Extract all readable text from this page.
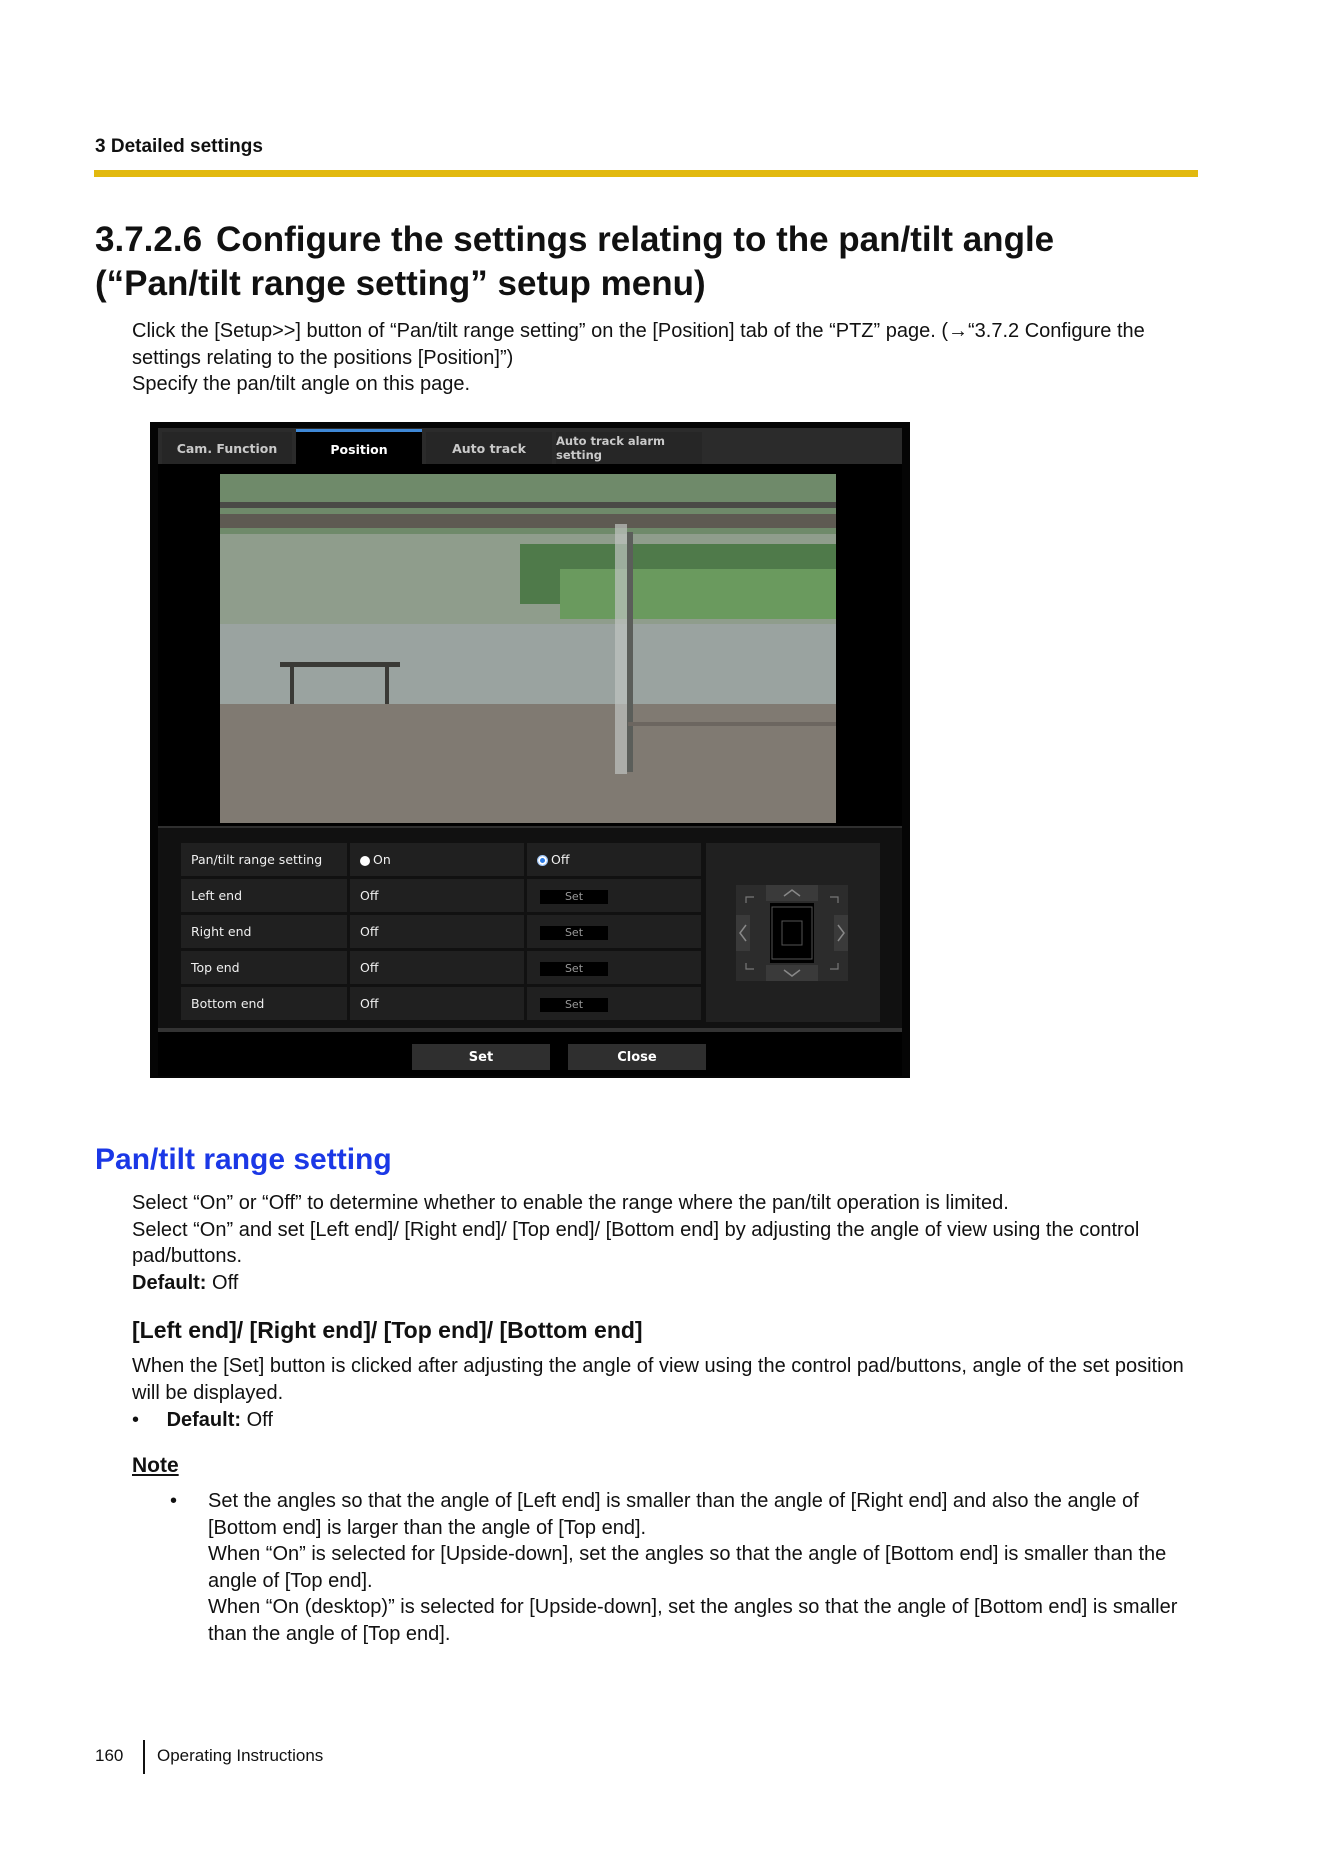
3 Detailed settings
3.7.2.6 Configure the settings relating to the pan/tilt angle (“Pan/tilt range setting” setup menu)

Click the [Setup>>] button of “Pan/tilt range setting” on the [Position] tab of the “PTZ” page. (→“3.7.2 Configure the settings relating to the positions [Position]”)

Specify the pan/tilt angle on this page.

Cam. Function	Position	Auto track	Auto track alarm setting
Pan/tilt range setting	On	Off
Left end	Off	Set
Right end	Off	Set
Top end	Off	Set
Bottom end	Off	Set
Set	Close
Pan/tilt range setting

Select “On” or “Off” to determine whether to enable the range where the pan/tilt operation is limited.

Select “On” and set [Left end]/ [Right end]/ [Top end]/ [Bottom end] by adjusting the angle of view using the control pad/buttons.

Default: Off

[Left end]/ [Right end]/ [Top end]/ [Bottom end]

When the [Set] button is clicked after adjusting the angle of view using the control pad/buttons, angle of the set position will be displayed.

• Default: Off
Note
• Set the angles so that the angle of [Left end] is smaller than the angle of [Right end] and also the angle of [Bottom end] is larger than the angle of [Top end].
When “On” is selected for [Upside-down], set the angles so that the angle of [Bottom end] is smaller than the angle of [Top end].
When “On (desktop)” is selected for [Upside-down], set the angles so that the angle of [Bottom end] is smaller than the angle of [Top end].
160 Operating Instructions
